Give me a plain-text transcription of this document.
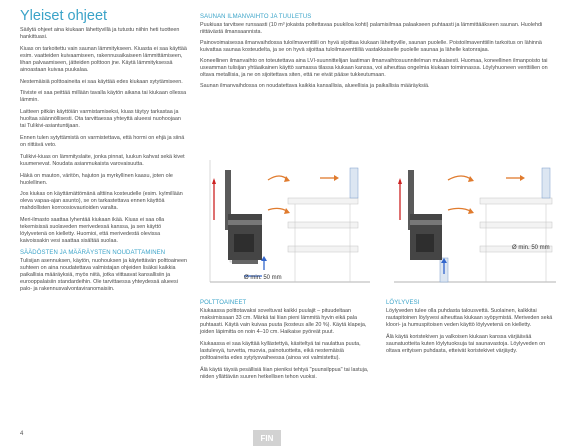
Yleiset ohjeet

Säilytä ohjeet aina kiukaan lähettyvillä ja tutustu niihin heti tuotteen hankittuasi.

Kiuas on tarkoitettu vain saunan lämmitykseen. Kiuasta ei saa käyttää esim. vaatteiden kuivaamiseen, rakennusaikaiseen lämmittämiseen, lihan palvaamiseen, jätteiden polttoon jne. Käytä lämmityksessä ainoastaan kuivaa puukalaa.

Nestemäisiä polttoaineita ei saa käyttää edes kiukaan sytytämiseen.

Tiiviste ei saa peittää millään tavalla käytön aikana tai kiukaan ollessa lämmin.

Laitteen pitkän käyttöiän varmistamiseksi, kiuas täytyy tarkastaa ja huoltaa säännöllisesti. Ota tarvittaessa yhteyttä alueesi nuohoojaan tai Tulikivi-asiantuntijaan.

Ennen tulen sytyttämistä on varmistettava, että hormi on ehjä ja siinä on riittävä veto.

Tulikivi-kiuas on lämmityslaite, jonka pinnat, luukun kahvat sekä kivet kuumenevat. Noudata asianmukaista varovaisuutta.

Häkä on mauton, väritön, hajuton ja myrkyllinen kaasu, joten ole huolellinen.

Jos kiukas on käyttämättömänä alttiina kosteudelle (esim. kylmillään oleva vapaa-ajan asunto), se on tarkastettava ennen käyttöä mahdollisten korroosiovaurioiden varalta.

Meri-ilmasto saattaa lyhentää kiukaan ikää. Kiuas ei saa olla tekemisissä suolaveden merivedessä kanssa, ja sen käyttö löylyvetenä on kielletty. Huomioi, että merivedestä olevissa kaivoissakin vesi saattaa sisältää suolaa.

SÄÄDÖSTEN JA MÄÄRÄYSTEN NOUDATTAMINEN

Tulisijan asennuksen, käytön, nuohouksen ja käytettävän polttoaineen suhteen on aina noudatettava valmistajan ohjeiden lisäksi kaikkia paikallisia määräyksiä, myös niitä, jotka viittaavat kansallisiin ja eurooppalaisiin standardeihin. Ole tarvittaessa yhteydessä alueesi palo- ja rakennusvalvontaviranomaisiin.

SAUNAN ILMANVAIHTO JA TUULETUS

Puukiuas tarvitsee runsaasti (10 m³ jokaista poltettavaa puukiloa kohti) palamisilmaa palaakseen puhtaasti ja lämmittääkseen saunan. Huolehdi riittävästä ilmansaannista.

Painovoimaisessa ilmanvaihdossa tuloilmaventtiili on hyvä sijoittaa kiukaan lähettyville, saunan puolelle. Poistoilmaventtiilin tarkoitus on lähinnä kuivattaa saunaa kosteudelta, ja se on hyvä sijoittaa tuloilmaventtiiliä vastakkaiselle puolelle saunaa ja lähelle katonrajaa.

Koneellinen ilmanvaihto on toteutettava aina LVI-suunnittelijan laatiman ilmanvaihtosuunnitelman mukaisesti. Huomaa, koneellinen ilmanpoisto tai useamman tulisijan yhtäaikainen käyttö samassa tilassa kiukaan kanssa, voi aiheuttaa ongelmia kiukaan toiminnassa. Löylyhuoneen venttiilien on oltava metallisia, ja ne on sijoitettava siten, että ne eivät pääse tukkeutumaan.

Saunan ilmanvaihdossa on noudatettava kaikkia kansallisia, alueellisia ja paikallisia määräyksiä.

Ø min. 50 mm
Ø min. 50 mm
POLTTOAINEET

Kiukaassa polttotavaksi soveltuvat kaikki puulajit – pituudeltaan maksimissaan 33 cm. Märkä tai liian pieni lämmitä hyvin eikä pala puhtaasti. Käytä vain kuivaa puuta (kosteus alle 20 %). Käytä klapeja, joiden läpimitta on noin 4–10 cm. Haikaise pyöreät puut.

Kiukaassa ei saa käyttää kyllästettyä, käsiteltyä tai naulattua puuta, lastulevyä, turvetta, muovia, painotuotteita, eikä nestemäisiä polttoaineita edes sytytysvaiheessa (ainoa voi valmistettu).

Älä käytä täysiä pesällisiä liian pieniksi tehtyä "puunsilppua" tai lastuja, niiden yllättävän suuren hetkellisen tehon vuoksi.

LÖYLYVESI

Löylyveden tulee olla puhdasta talousvettä. Suolainen, kalkkitai rautapitoinen löylyvesi aiheuttaa kiukaan syöpymistä. Meriveden sekä kloori- ja humuspitoisen veden käyttö löylyvetenä on kielletty.

Älä käytä koristekiven ja valkoisen kiukaan kanssa värjäävää saunatuotteita kuten löylytuoksuja tai saunavastoja. Löylyveden on oltava erityisen puhdasta, etteivät koristekivet värjäydy.

4	FIN
